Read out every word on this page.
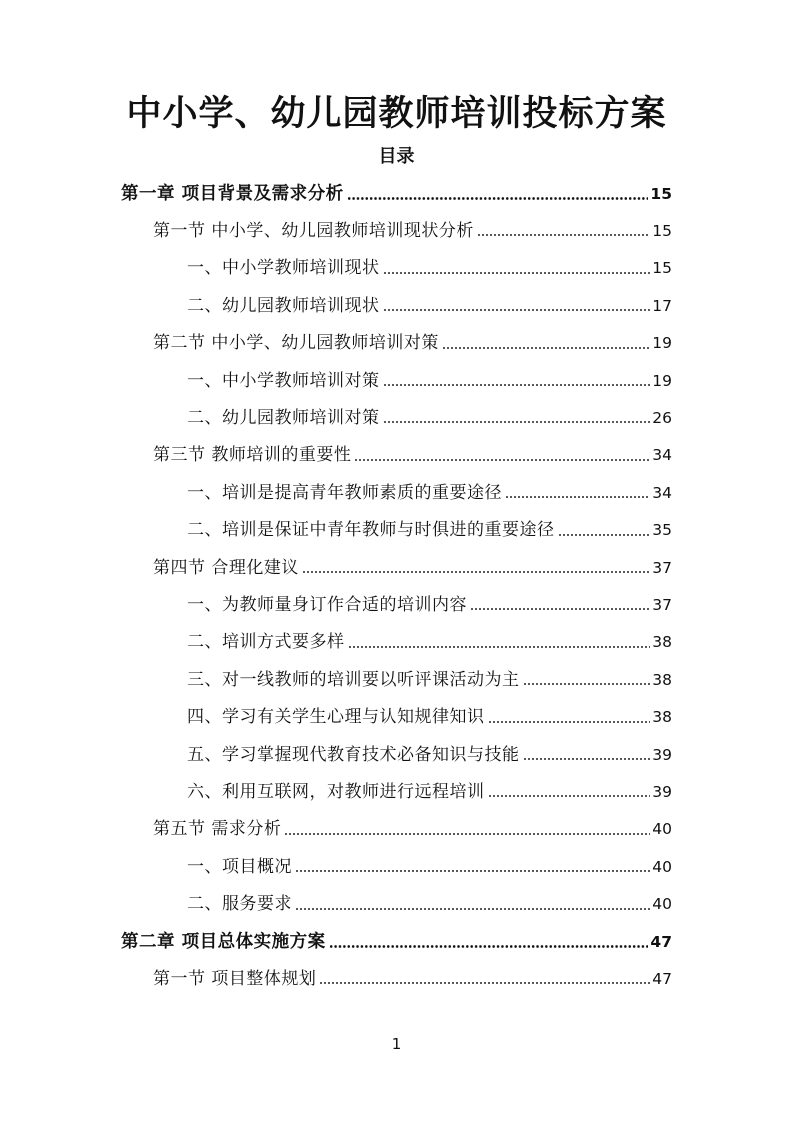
中小学、幼儿园教师培训投标方案
目录
第一章 项目背景及需求分析	15
第一节 中小学、幼儿园教师培训现状分析	15
一、中小学教师培训现状	15
二、幼儿园教师培训现状	17
第二节 中小学、幼儿园教师培训对策	19
一、中小学教师培训对策	19
二、幼儿园教师培训对策	26
第三节 教师培训的重要性	34
一、培训是提高青年教师素质的重要途径	34
二、培训是保证中青年教师与时俱进的重要途径	35
第四节 合理化建议	37
一、为教师量身订作合适的培训内容	37
二、培训方式要多样	38
三、对一线教师的培训要以听评课活动为主	38
四、学习有关学生心理与认知规律知识	38
五、学习掌握现代教育技术必备知识与技能	39
六、利用互联网，对教师进行远程培训	39
第五节 需求分析	40
一、项目概况	40
二、服务要求	40
第二章 项目总体实施方案	47
第一节 项目整体规划	47

1
